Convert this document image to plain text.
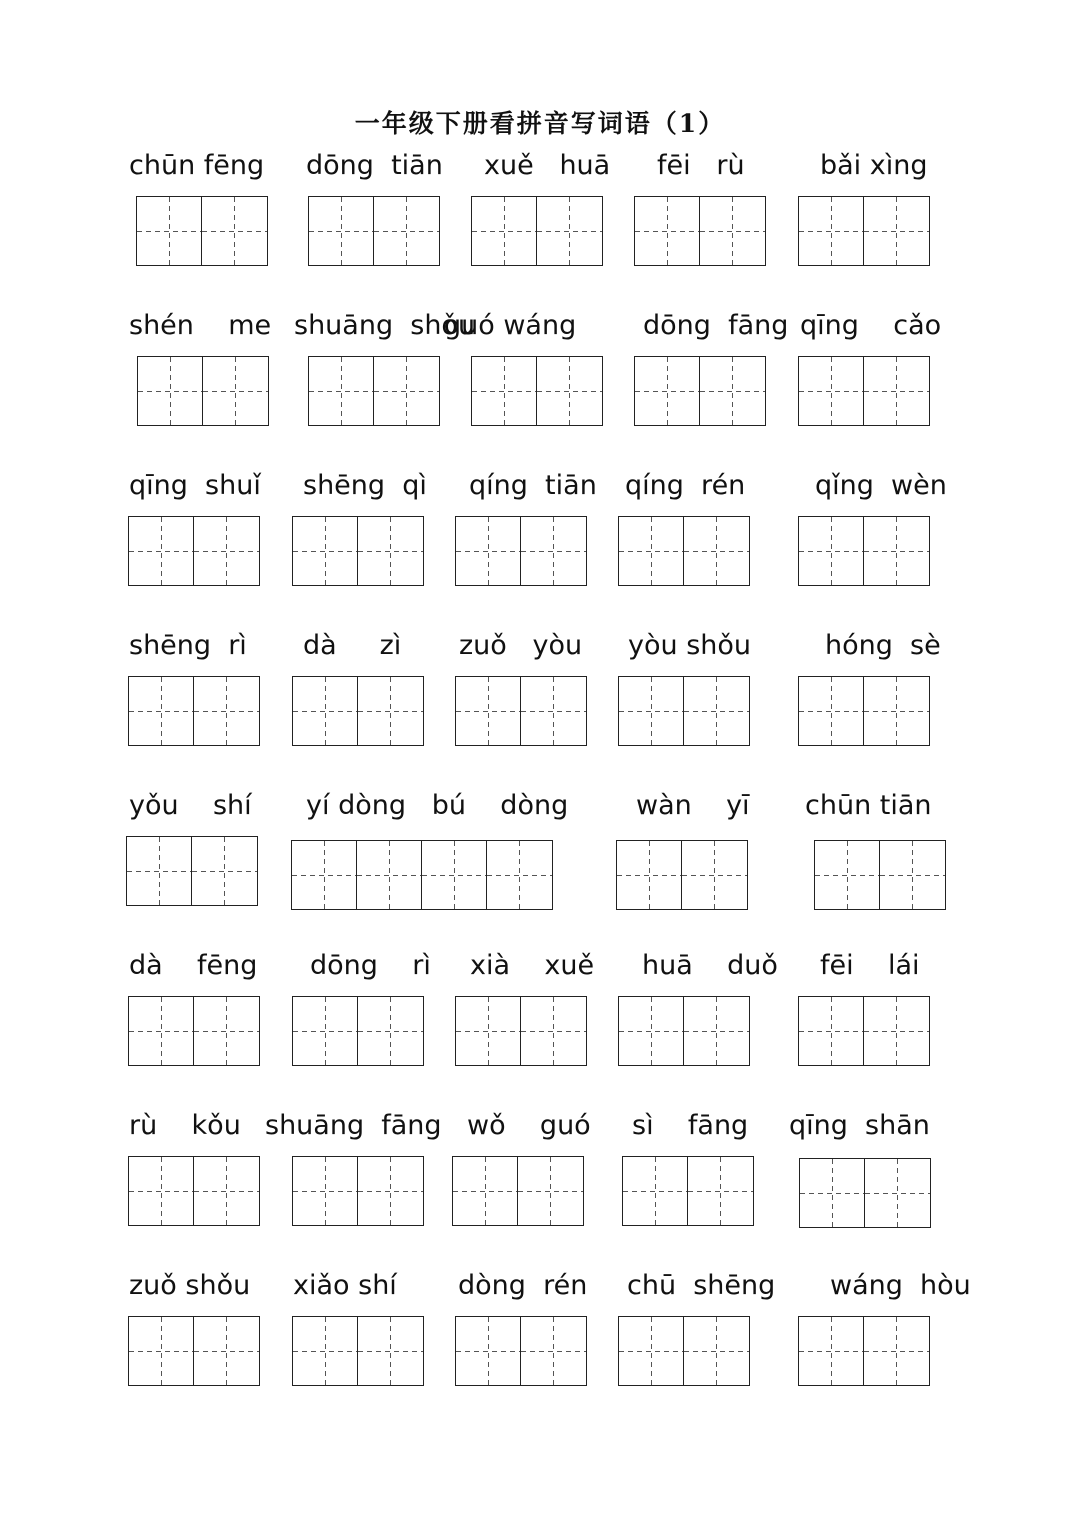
一年级下册看拼音写词语（1）
chūn fēng dōng  tiān xuě   huā fēi   rù	bǎi xìng
shén    me shuāng  shǒu
guó wáng dōng  fāng qīng    cǎo
qīng  shuǐ shēng  qì qíng  tiān qíng  rén	qǐng  wèn
shēng  rì dà     zì zuǒ   yòu yòu shǒu	hóng  sè
yǒu    shí yí dòng   bú    dòng	wàn    yī chūn tiān
dà    fēng dōng    rì xià    xuě huā    duǒ fēi    lái
rù    kǒu shuāng  fāng wǒ    guó sì    fāng qīng  shān
zuǒ shǒu xiǎo shí dòng  rén chū  shēng wáng  hòu
